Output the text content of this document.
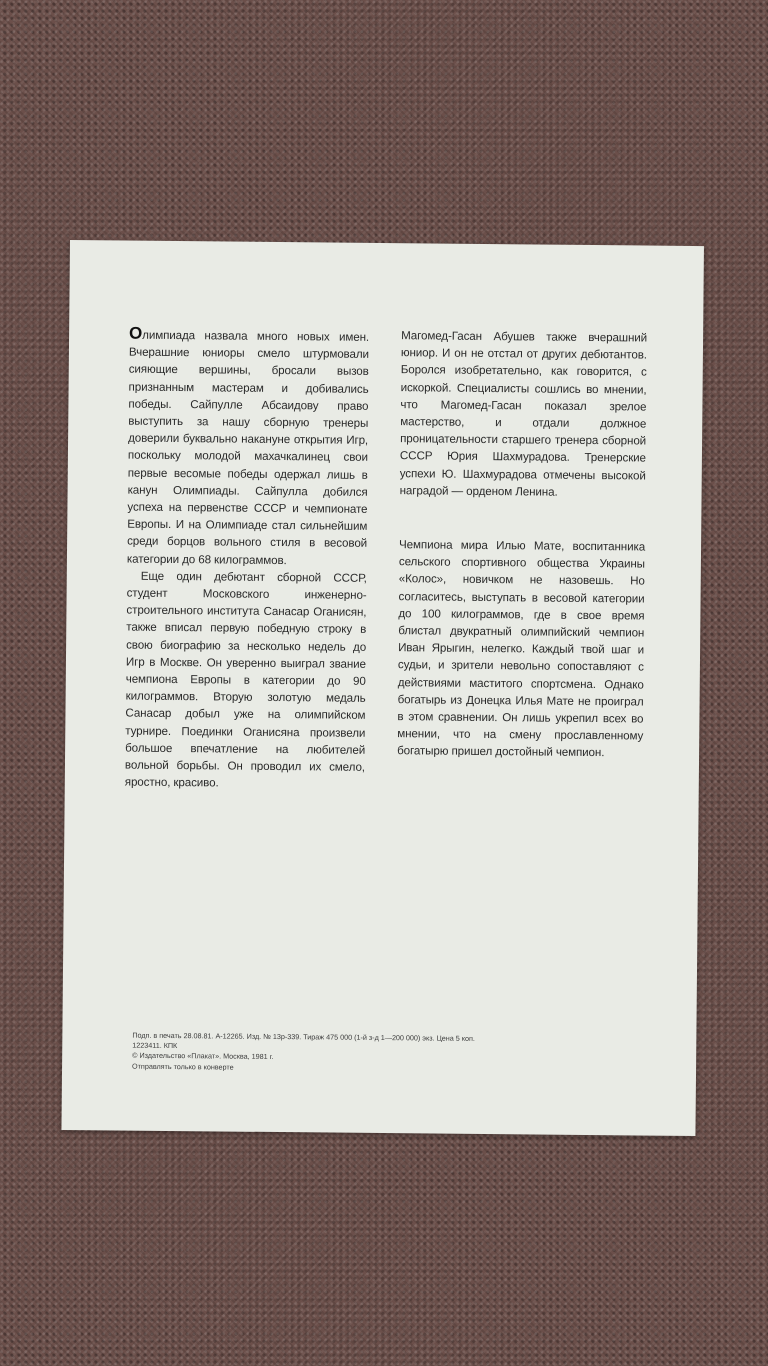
Олимпиада назвала много новых имен. Вчерашние юниоры смело штурмовали сияющие вершины, бросали вызов признанным мастерам и добивались победы. Сайпулле Абсаидову право выступить за нашу сборную тренеры доверили буквально накануне открытия Игр, поскольку молодой махачкалинец свои первые весомые победы одержал лишь в канун Олимпиады. Сайпулла добился успеха на первенстве СССР и чемпионате Европы. И на Олимпиаде стал сильнейшим среди борцов вольного стиля в весовой категории до 68 килограммов.

Еще один дебютант сборной СССР, студент Московского инженерно-строительного института Санасар Оганисян, также вписал первую победную строку в свою биографию за несколько недель до Игр в Москве. Он уверенно выиграл звание чемпиона Европы в категории до 90 килограммов. Вторую золотую медаль Санасар добыл уже на олимпийском турнире. Поединки Оганисяна произвели большое впечатление на любителей вольной борьбы. Он проводил их смело, яростно, красиво.

Магомед-Гасан Абушев также вчерашний юниор. И он не отстал от других дебютантов. Боролся изобретательно, как говорится, с искоркой. Специалисты сошлись во мнении, что Магомед-Гасан показал зрелое мастерство, и отдали должное проницательности старшего тренера сборной СССР Юрия Шахмурадова. Тренерские успехи Ю. Шахмурадова отмечены высокой наградой — орденом Ленина.

Чемпиона мира Илью Мате, воспитанника сельского спортивного общества Украины «Колос», новичком не назовешь. Но согласитесь, выступать в весовой категории до 100 килограммов, где в свое время блистал двукратный олимпийский чемпион Иван Ярыгин, нелегко. Каждый твой шаг и судьи, и зрители невольно сопоставляют с действиями маститого спортсмена. Однако богатырь из Донецка Илья Мате не проиграл в этом сравнении. Он лишь укрепил всех во мнении, что на смену прославленному богатырю пришел достойный чемпион.

Подп. в печать 28.08.81. А-12265. Изд. № 13р-339. Тираж 475 000 (1-й з-д 1—200 000) экз. Цена 5 коп.
1223411. КПК
© Издательство «Плакат». Москва, 1981 г.
Отправлять только в конверте
